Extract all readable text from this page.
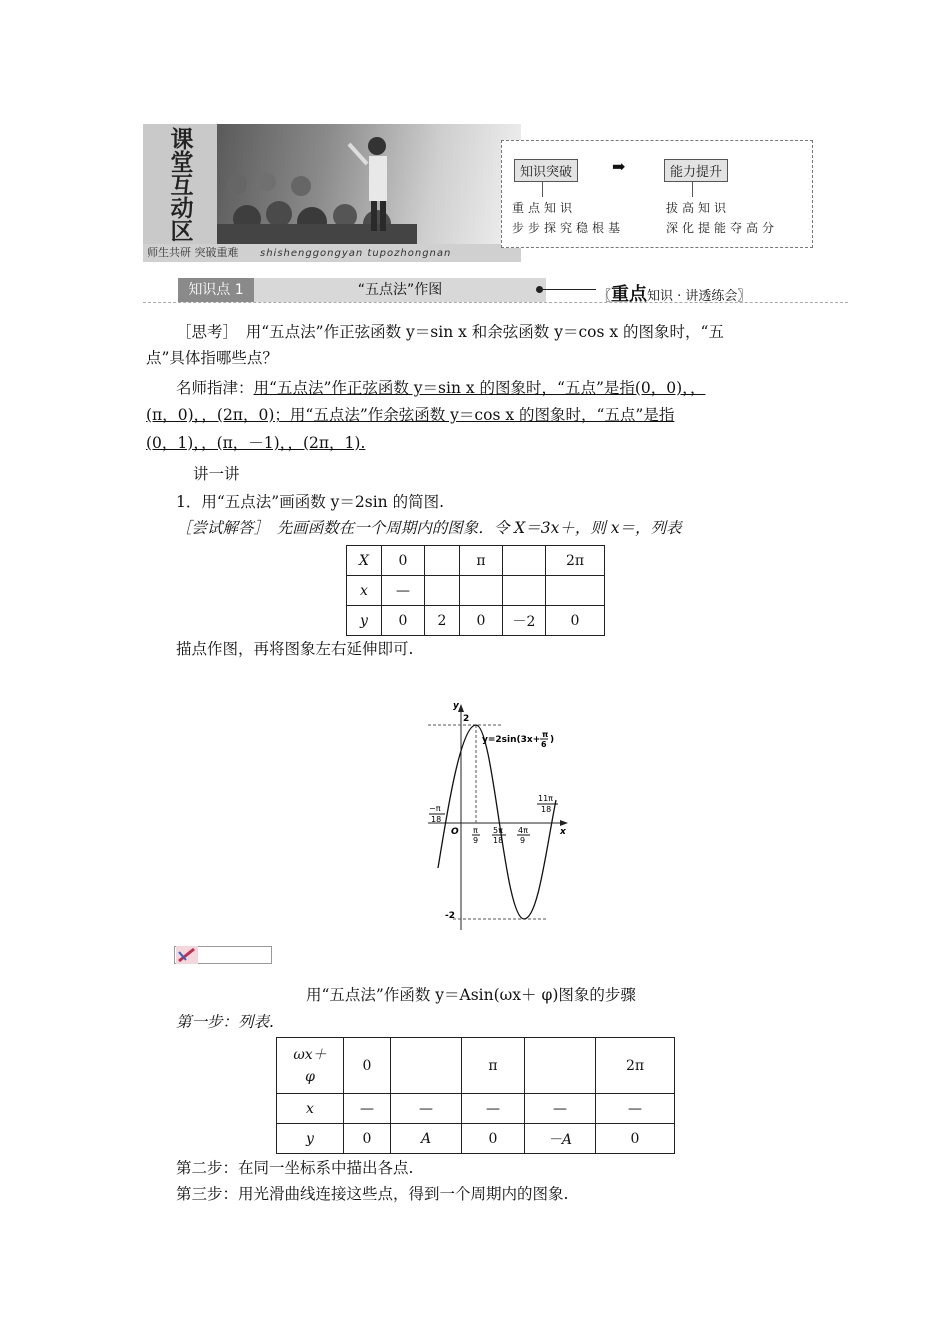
课堂互动区
师生共研 突破重难 shishenggongyan tupozhongnan
知识突破	➡	能力提升
重点知识
步步探究稳根基
拔高知识
深化提能夺高分
知识点 1	“五点法”作图	〖重点知识 · 讲透练会〗
［思考］　用“五点法”作正弦函数 y＝sin x 和余弦函数 y＝cos x 的图象时，“五
点”具体指哪些点？
名师指津：用“五点法”作正弦函数 y＝sin x 的图象时，“五点”是指(0，0)，，
(π，0)，，(2π，0)；用“五点法”作余弦函数 y＝cos x 的图象时，“五点”是指
(0，1)，，(π，－1)，，(2π，1).
讲一讲
1．用“五点法”画函数 y＝2sin 的简图.
［尝试解答］　先画函数在一个周期内的图象．令 X＝3x＋，则 x＝，列表
X	0		π		2π
x	—				
y	0	2	0	－2	0
描点作图，再将图象左右延伸即可.
y
x
O
2
-2
y=2sin(3x+
π
6 )
−π
18
π
9
5π
18
4π
9
11π
18
用“五点法”作函数 y＝Asin(ωx＋ φ)图象的步骤
第一步：列表.
ωx＋
φ	0		π		2π
x	—	—	—	—	—
y	0	A	0	－A	0
第二步：在同一坐标系中描出各点.
第三步：用光滑曲线连接这些点，得到一个周期内的图象.
